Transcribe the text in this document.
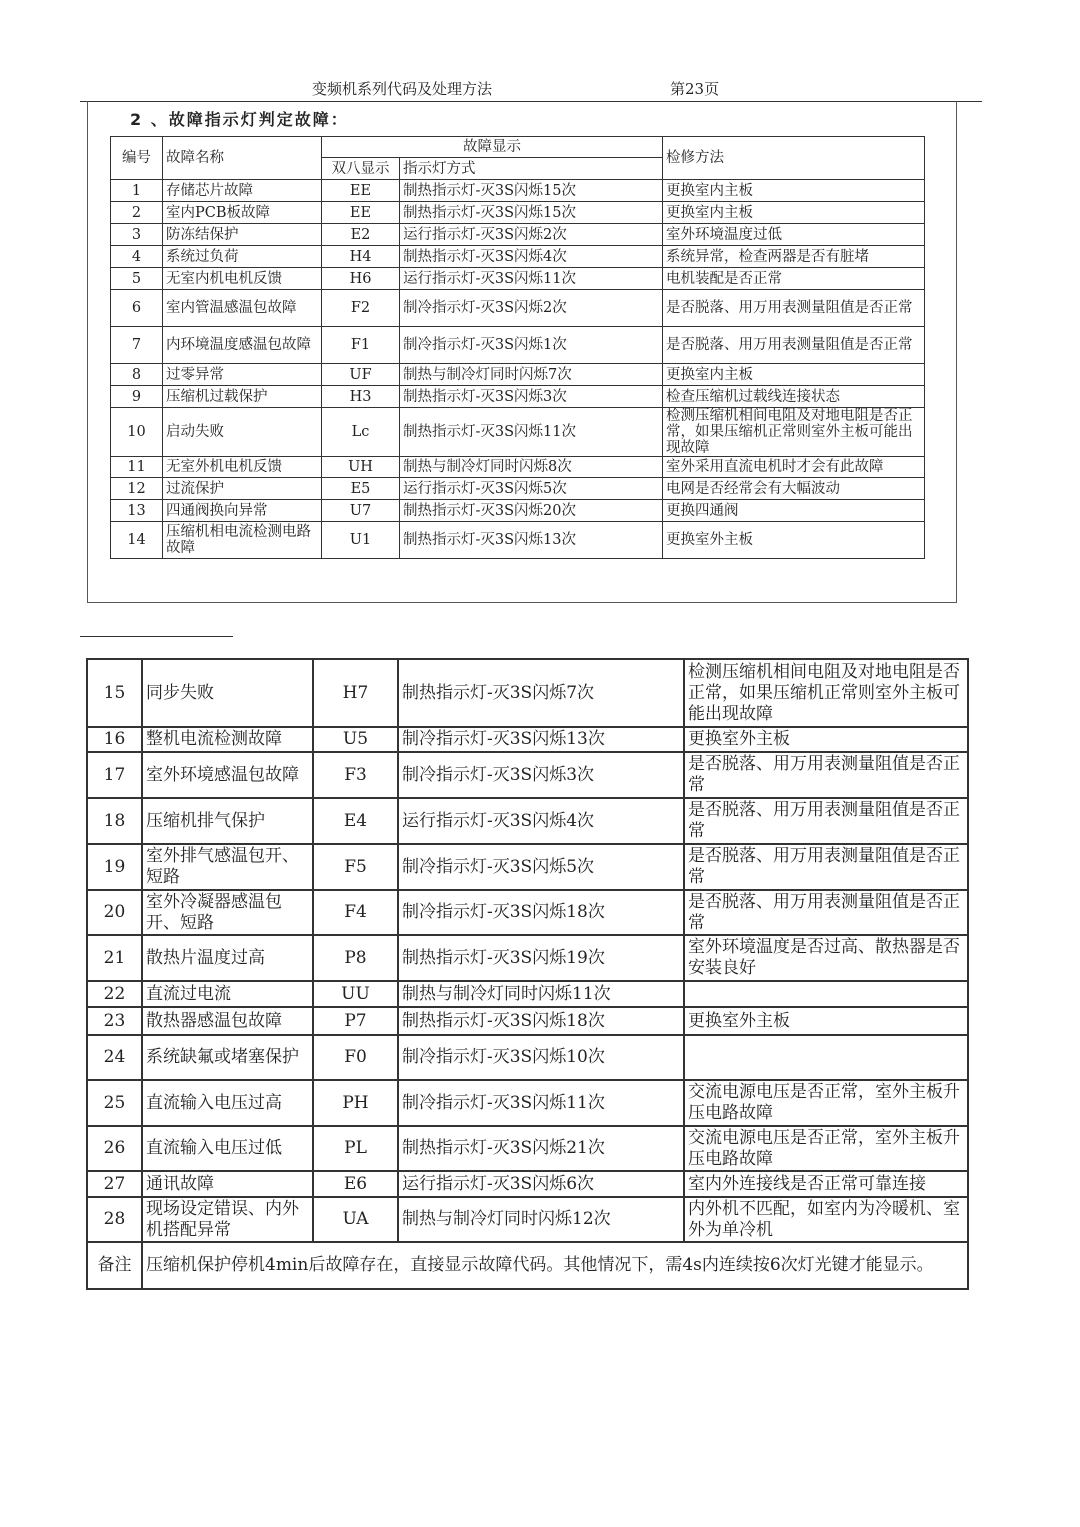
变频机系列代码及处理方法	第23页
2 、故障指示灯判定故障：
编号	故障名称	故障显示		检修方法
		双八显示	指示灯方式	
1	存储芯片故障	EE	制热指示灯-灭3S闪烁15次	更换室内主板
2	室内PCB板故障	EE	制热指示灯-灭3S闪烁15次	更换室内主板
3	防冻结保护	E2	运行指示灯-灭3S闪烁2次	室外环境温度过低
4	系统过负荷	H4	制热指示灯-灭3S闪烁4次	系统异常，检查两器是否有脏堵
5	无室内机电机反馈	H6	运行指示灯-灭3S闪烁11次	电机装配是否正常
6	室内管温感温包故障	F2	制冷指示灯-灭3S闪烁2次	是否脱落、用万用表测量阻值是否正常
7	内环境温度感温包故障	F1	制冷指示灯-灭3S闪烁1次	是否脱落、用万用表测量阻值是否正常
8	过零异常	UF	制热与制冷灯同时闪烁7次	更换室内主板
9	压缩机过载保护	H3	制热指示灯-灭3S闪烁3次	检查压缩机过载线连接状态
10	启动失败	Lc	制热指示灯-灭3S闪烁11次	检测压缩机相间电阻及对地电阻是否正常，如果压缩机正常则室外主板可能出现故障
11	无室外机电机反馈	UH	制热与制冷灯同时闪烁8次	室外采用直流电机时才会有此故障
12	过流保护	E5	运行指示灯-灭3S闪烁5次	电网是否经常会有大幅波动
13	四通阀换向异常	U7	制热指示灯-灭3S闪烁20次	更换四通阀
14	压缩机相电流检测电路故障	U1	制热指示灯-灭3S闪烁13次	更换室外主板
15	同步失败	H7	制热指示灯-灭3S闪烁7次	检测压缩机相间电阻及对地电阻是否正常，如果压缩机正常则室外主板可能出现故障
16	整机电流检测故障	U5	制冷指示灯-灭3S闪烁13次	更换室外主板
17	室外环境感温包故障	F3	制冷指示灯-灭3S闪烁3次	是否脱落、用万用表测量阻值是否正常
18	压缩机排气保护	E4	运行指示灯-灭3S闪烁4次	是否脱落、用万用表测量阻值是否正常
19	室外排气感温包开、短路	F5	制冷指示灯-灭3S闪烁5次	是否脱落、用万用表测量阻值是否正常
20	室外冷凝器感温包开、短路	F4	制冷指示灯-灭3S闪烁18次	是否脱落、用万用表测量阻值是否正常
21	散热片温度过高	P8	制热指示灯-灭3S闪烁19次	室外环境温度是否过高、散热器是否安装良好
22	直流过电流	UU	制热与制冷灯同时闪烁11次	
23	散热器感温包故障	P7	制热指示灯-灭3S闪烁18次	更换室外主板
24	系统缺氟或堵塞保护	F0	制冷指示灯-灭3S闪烁10次	
25	直流输入电压过高	PH	制冷指示灯-灭3S闪烁11次	交流电源电压是否正常，室外主板升压电路故障
26	直流输入电压过低	PL	制热指示灯-灭3S闪烁21次	交流电源电压是否正常，室外主板升压电路故障
27	通讯故障	E6	运行指示灯-灭3S闪烁6次	室内外连接线是否正常可靠连接
28	现场设定错误、内外机搭配异常	UA	制热与制冷灯同时闪烁12次	内外机不匹配，如室内为冷暖机、室外为单冷机
备注	压缩机保护停机4min后故障存在，直接显示故障代码。其他情况下，需4s内连续按6次灯光键才能显示。			
